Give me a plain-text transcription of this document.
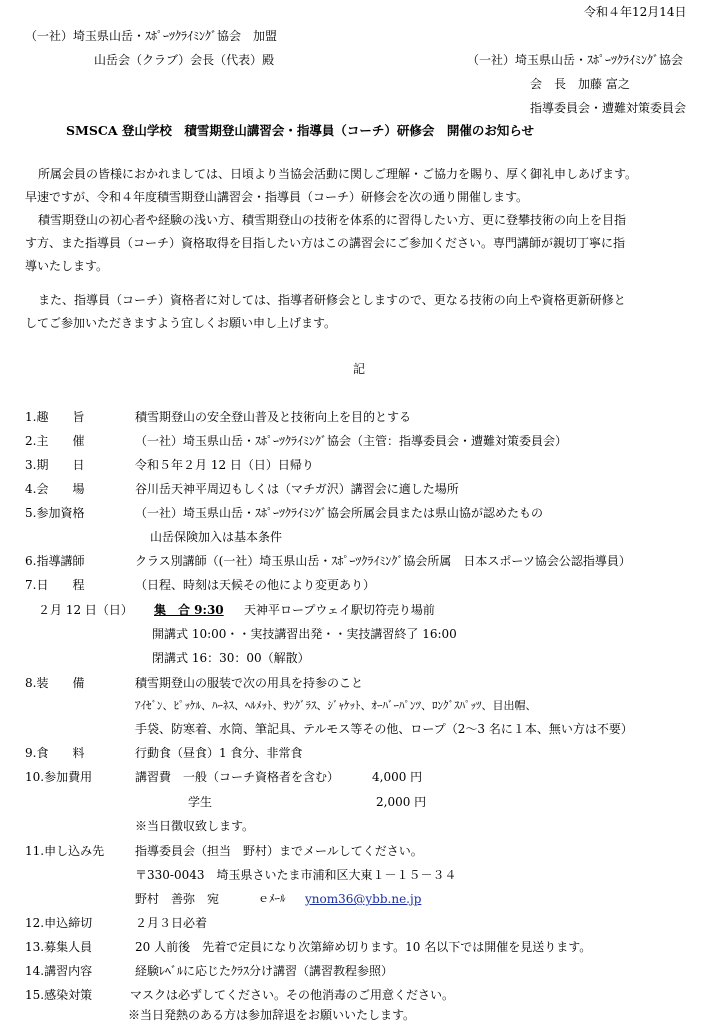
令和４年12月14日
（一社）埼玉県山岳・ｽﾎﾟｰﾂｸﾗｲﾐﾝｸﾞ協会　加盟
山岳会（クラブ）会長（代表）殿	（一社）埼玉県山岳・ｽﾎﾟｰﾂｸﾗｲﾐﾝｸﾞ協会
会　長　加藤 富之
指導委員会・遭難対策委員会
SMSCA 登山学校　積雪期登山講習会・指導員（コーチ）研修会　開催のお知らせ
所属会員の皆様におかれましては、日頃より当協会活動に関しご理解・ご協力を賜り、厚く御礼申しあげます。
早速ですが、令和４年度積雪期登山講習会・指導員（コーチ）研修会を次の通り開催します。
積雪期登山の初心者や経験の浅い方、積雪期登山の技術を体系的に習得したい方、更に登攀技術の向上を目指
す方、また指導員（コーチ）資格取得を目指したい方はこの講習会にご参加ください。専門講師が親切丁寧に指
導いたします。
また、指導員（コーチ）資格者に対しては、指導者研修会としますので、更なる技術の向上や資格更新研修と
してご参加いただきますよう宜しくお願い申し上げます。
記
1.趣　　旨	積雪期登山の安全登山普及と技術向上を目的とする
2.主　　催	（一社）埼玉県山岳・ｽﾎﾟｰﾂｸﾗｲﾐﾝｸﾞ協会（主管：指導委員会・遭難対策委員会）
3.期　　日	令和５年２月 12 日（日）日帰り
4.会　　場	谷川岳天神平周辺もしくは（マチガ沢）講習会に適した場所
5.参加資格	（一社）埼玉県山岳・ｽﾎﾟｰﾂｸﾗｲﾐﾝｸﾞ協会所属会員または県山協が認めたもの
山岳保険加入は基本条件
6.指導講師	クラス別講師（(一社）埼玉県山岳・ｽﾎﾟｰﾂｸﾗｲﾐﾝｸﾞ協会所属　日本スポーツ協会公認指導員）
7.日　　程	（日程、時刻は天候その他により変更あり）
２月 12 日（日） 集　合 9:30 天神平ロープウェイ駅切符売り場前
開講式 10:00・・実技講習出発・・実技講習終了 16:00
閉講式 16：30：00（解散）
8.装　　備	積雪期登山の服装で次の用具を持参のこと
ｱｲｾﾞﾝ、ﾋﾟｯｹﾙ、ﾊｰﾈｽ、ﾍﾙﾒｯﾄ、ｻﾝｸﾞﾗｽ、ｼﾞｬｹｯﾄ、ｵｰﾊﾞｰﾊﾟﾝﾂ、ﾛﾝｸﾞｽﾊﾟｯﾂ、目出帽、
手袋、防寒着、水筒、筆記具、テルモス等その他、ロープ（2～3 名に１本、無い方は不要）
9.食　　料	行動食（昼食）1 食分、非常食
10.参加費用	講習費　一般（コーチ資格者を含む）	4,000 円
学生	2,000 円
※当日徴収致します。
11.申し込み先	指導委員会（担当　野村）までメールしてください。
〒330-0043　埼玉県さいたま市浦和区大東１－１５－３４
野村　善弥　宛	ｅﾒｰﾙ ynom36@ybb.ne.jp
12.申込締切	２月３日必着
13.募集人員	20 人前後　先着で定員になり次第締め切ります。10 名以下では開催を見送ります。
14.講習内容	経験ﾚﾍﾞﾙに応じたｸﾗｽ分け講習（講習教程参照）
15.感染対策	マスクは必ずしてください。その他消毒のご用意ください。
※当日発熱のある方は参加辞退をお願いいたします。
